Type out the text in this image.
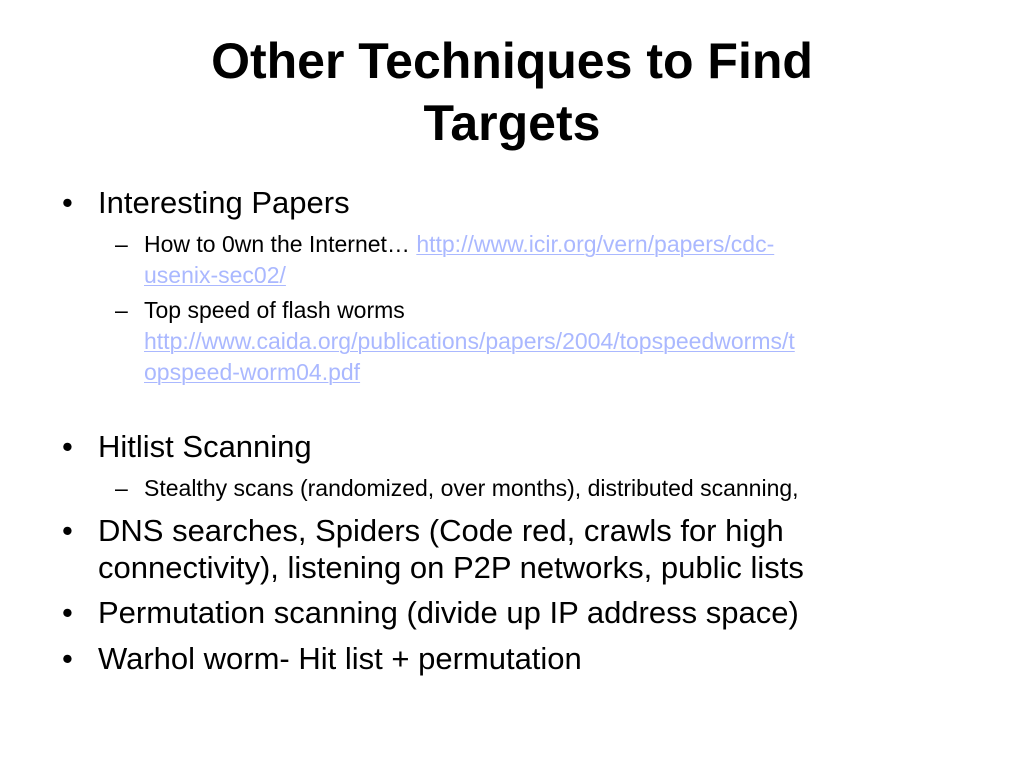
Other Techniques to Find
Targets
• Interesting Papers
– How to 0wn the Internet… http://www.icir.org/vern/papers/cdc-
usenix-sec02/
– Top speed of flash worms
http://www.caida.org/publications/papers/2004/topspeedworms/t
opspeed-worm04.pdf
• Hitlist Scanning
– Stealthy scans (randomized, over months), distributed scanning,
• DNS searches, Spiders (Code red, crawls for high
connectivity), listening on P2P networks, public lists
• Permutation scanning (divide up IP address space)
• Warhol worm- Hit list + permutation
